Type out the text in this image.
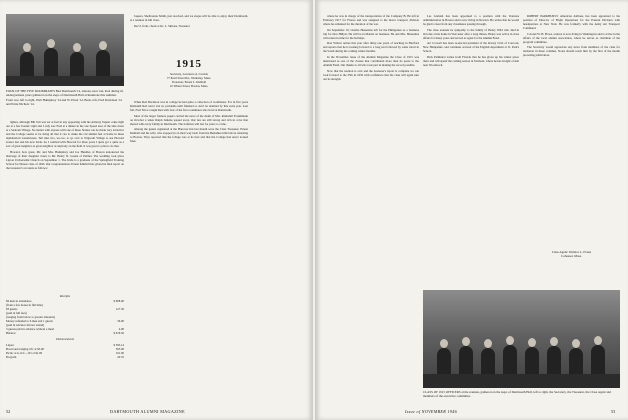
FOUR OF THE FIVE ROOMMATES Bad Dartmouth '14, sixteen, near van, Kod during its undergraduate years gathered on the steps of Dartmouth Hall at Reunions this summer. Front row, left to right, Walt Humphrey '14 and W. Elton '14. Back, left, Fred Davidson '14 and Ernie Nichols '14.

tighter, although Bill Tait was set at feel in any appearing with his Armony Tapnet come right out at a few houder vight and I only saw Fred at a dinner in the one Speed area of the sine down at a Seabom Village. No matter with anyone with one of these Sixties can be made very attractive and the College seems to be doing all that it can to make the old alumni feel at home in these alphabetical waterhouses. Tell idea two, we-too, to go over to Wigwam Village to see Howard Gaster last and his new bride. As I combed with Howard for three years I quite got a quite as a sort of great neighbor as great neighbor as anybody on the field. It was great to plan to do that.

Howard, how great, Mr. and Mrs. Humphrey and Joe Hundles of Boston announced the marriage of their daughter Jones to Mr. Henry N. Gassie of Palmer. The wedding took place Lipton Universalist Church on September 1. The bride is a graduate of the Springfield Training School for Nurses class of 1943. Our congratulations. Ernest Kimball has given his final report on the treasurer's accounts as follows:

Receipts
84 men in attendance	$ 608.00
(from a few house in full time)
83 guests	127.50
(paid in full fees)
(ranging from below to greater amounts)
Money refunded to 6 men and 1 guests	56.00
(paid in advance did not attend)
3 guests paid in advance without a meal	4.00
Balance	$ 676.50
Disbursements
Liquor	$ 393.14
Board and lodging 101 at $3.00	303.00
Picnic at G.O.C., 101 at $1.00	101.00
Program	20.55

Jaspers, Shelbourne Smith, just received, and we stages will be able to enjoy their Dartmouth, at a reunion in full class.

Rec'd. from. check at Kr. L. Simons, Treasurer

1915
Secretary, Lawrence A. Crosbie
77 Pearl Street Rd., Wellesley, Mass.
Treasurer, Ernest L. Kimball
10 Winter Street, Boston, Mass.

When Red Davidson was in college he had quite a collection of roommates. For in five years Ramsdell Red never lost no problems until finished so don't be alarmed by this extra year. Last fall, Fred Nicot caught Red with four of the five roommates who lived at Dartmouth.

Most of the larger framers papers carried the news of the death of Mrs. Ramsdell Foushmunn on October a when Ralph Jenkins passed away. Our ties are still strong and rich in color that shared with every family in Dartmouth. The tradition will last for years to come.

Among the guests registered at the Hanover Inn last month were the Class Treasurer, Ernest Kimball and his wife, who stopped in on their way back from the Berkshire hills before returning to Boston. They reported that the foliage was at its best and that the College had never looked finer.

52	DARTMOUTH ALUMNI MAGAZINE

where he was in charge of the transportation of the Company B. He left in February 1917 for France and was assigned to the motor transport division where he remained for the duration of the war.

On September 10, Charlie Hessenius left for the Philippines as a business trip for Don Hillyer. He will be in Manila on business. He and Mrs. Hessenius will return in time for the holidays.

Don Wilson retires this year after thirty-one years of teaching in Hartford and reports that he is looking forward to a long rest followed by some travel in the South during the coming winter months.

In the November issue of the Alumni Magazine the Class of 1915 was mentioned as one of the classes that contributed more than its quota to the Alumni Fund. Our thanks to all who took part in making the record possible.

Now that the reunion is over and the treasurer's report is complete we can look forward to the 35th in 1950 with confidence that the class will again turn out in strength.

Les Graham has been appointed to a position with the Veterans Administration in Boston and is now living in Newton. He writes that he would be glad to hear from any classmates passing through.

The class extends its sympathy to the family of Henry Wild who died in October at his home in Worcester after a long illness. Henry was active in class affairs for many years and served as agent for the Alumni Fund.

Art Crowell has been re-elected president of the Rotary Club of Concord, New Hampshire, and continues as head of the English department at St. Paul's School.

Dick Parkhurst writes from Florida that he has given up his winter place there and will spend the coming season in Vermont, where he has bought a farm near Woodstock.

ROBERT PARKHURST, American Airlines, has been appointed to the position of Director of Flight Operations for the Eastern Division with headquarters at New York. He was formerly with the Army Air Transport Command.

Colonel W. H. Howe, retired, is now living in Washington and is active in the affairs of the local alumni association, where he serves as chairman of the program committee.

The Secretary would appreciate any news from members of the class for inclusion in these columns. Notes should reach him by the first of the month preceding publication.

Class Agent: Wallace L. Evans
Cohasset, Mass.
CLASS OF 1915 OFFICERS at the reunion, gathered on the steps of Dartmouth Hall, left to right, the Secretary, the Treasurer, the Class Agent and members of the executive committee.
Issue of NOVEMBER 1946	53
